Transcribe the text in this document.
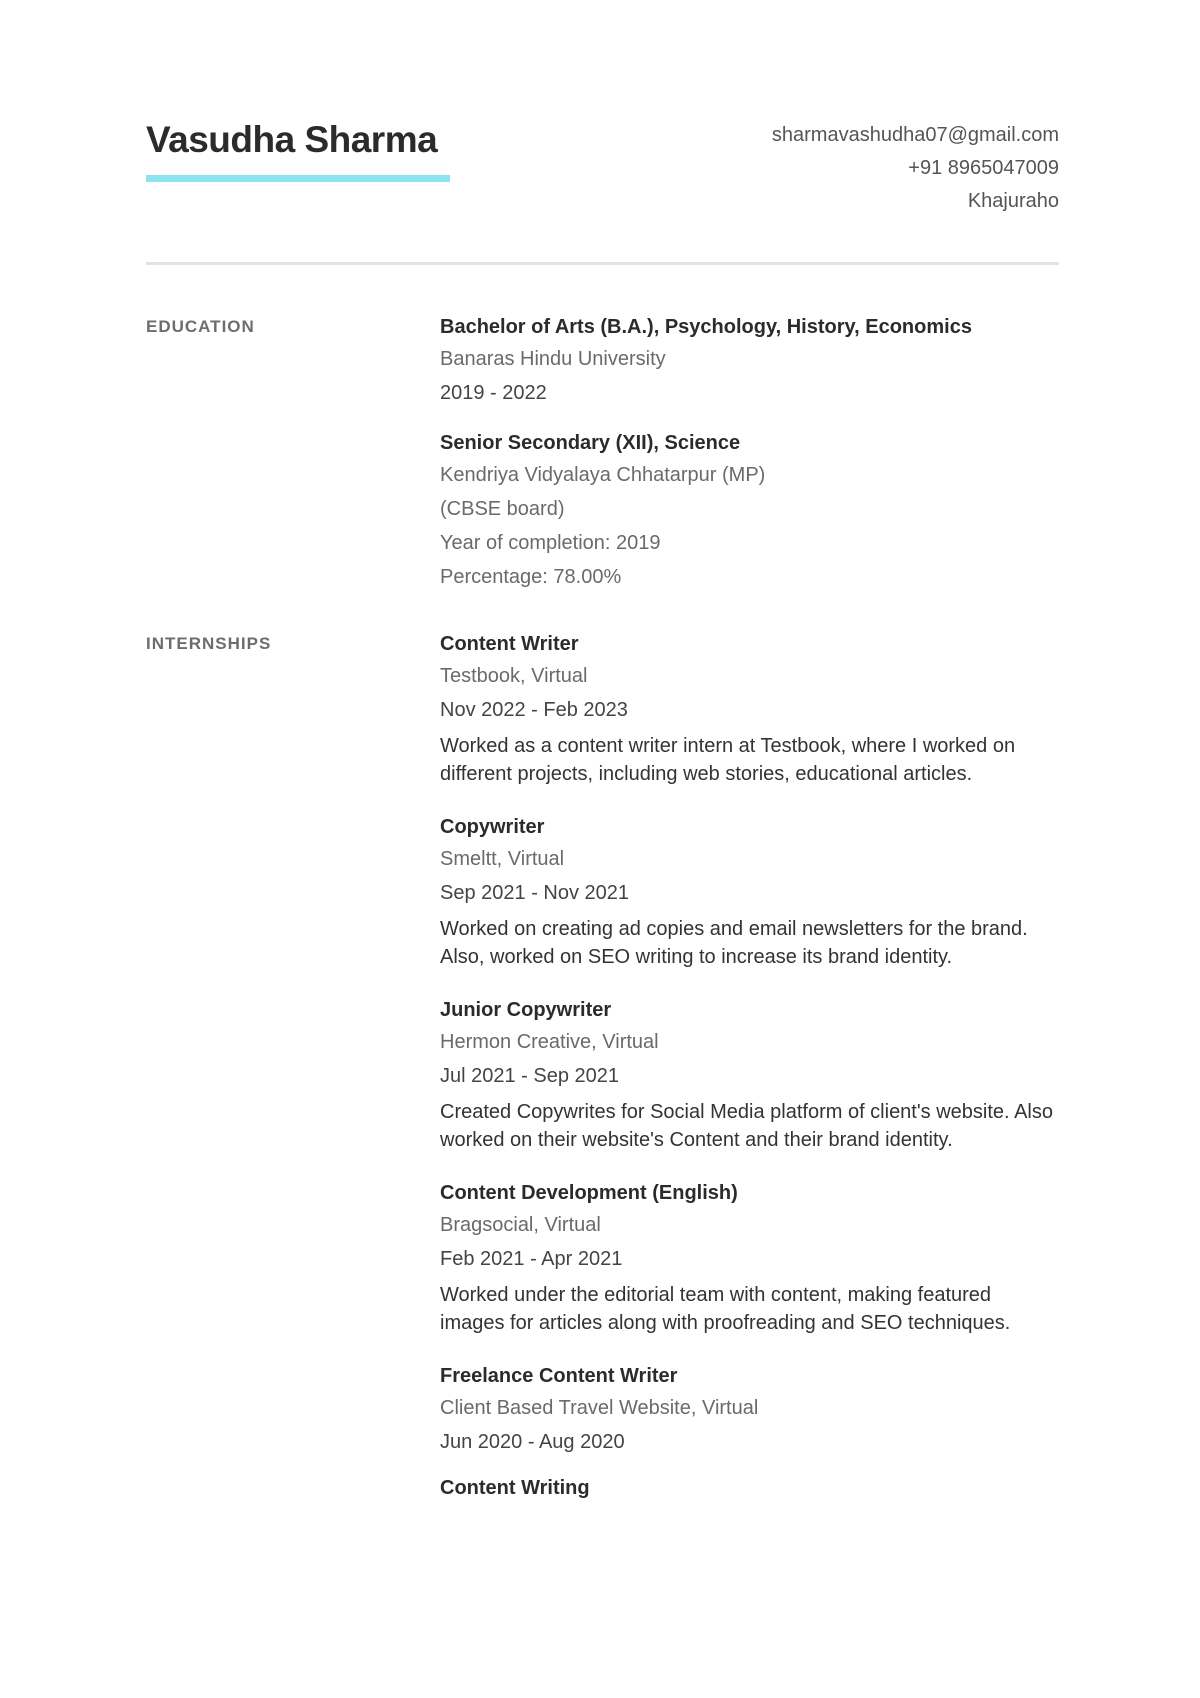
Vasudha Sharma	sharmavashudha07@gmail.com
+91 8965047009
Khajuraho
EDUCATION	Bachelor of Arts (B.A.), Psychology, History, Economics
Banaras Hindu University
2019 - 2022
Senior Secondary (XII), Science
Kendriya Vidyalaya Chhatarpur (MP)
(CBSE board)
Year of completion: 2019
Percentage: 78.00%
INTERNSHIPS	Content Writer
Testbook, Virtual
Nov 2022 - Feb 2023
Worked as a content writer intern at Testbook, where I worked on different projects, including web stories, educational articles.
Copywriter
Smeltt, Virtual
Sep 2021 - Nov 2021
Worked on creating ad copies and email newsletters for the brand. Also, worked on SEO writing to increase its brand identity.
Junior Copywriter
Hermon Creative, Virtual
Jul 2021 - Sep 2021
Created Copywrites for Social Media platform of client's website. Also worked on their website's Content and their brand identity.
Content Development (English)
Bragsocial, Virtual
Feb 2021 - Apr 2021
Worked under the editorial team with content, making featured images for articles along with proofreading and SEO techniques.
Freelance Content Writer
Client Based Travel Website, Virtual
Jun 2020 - Aug 2020
Content Writing
